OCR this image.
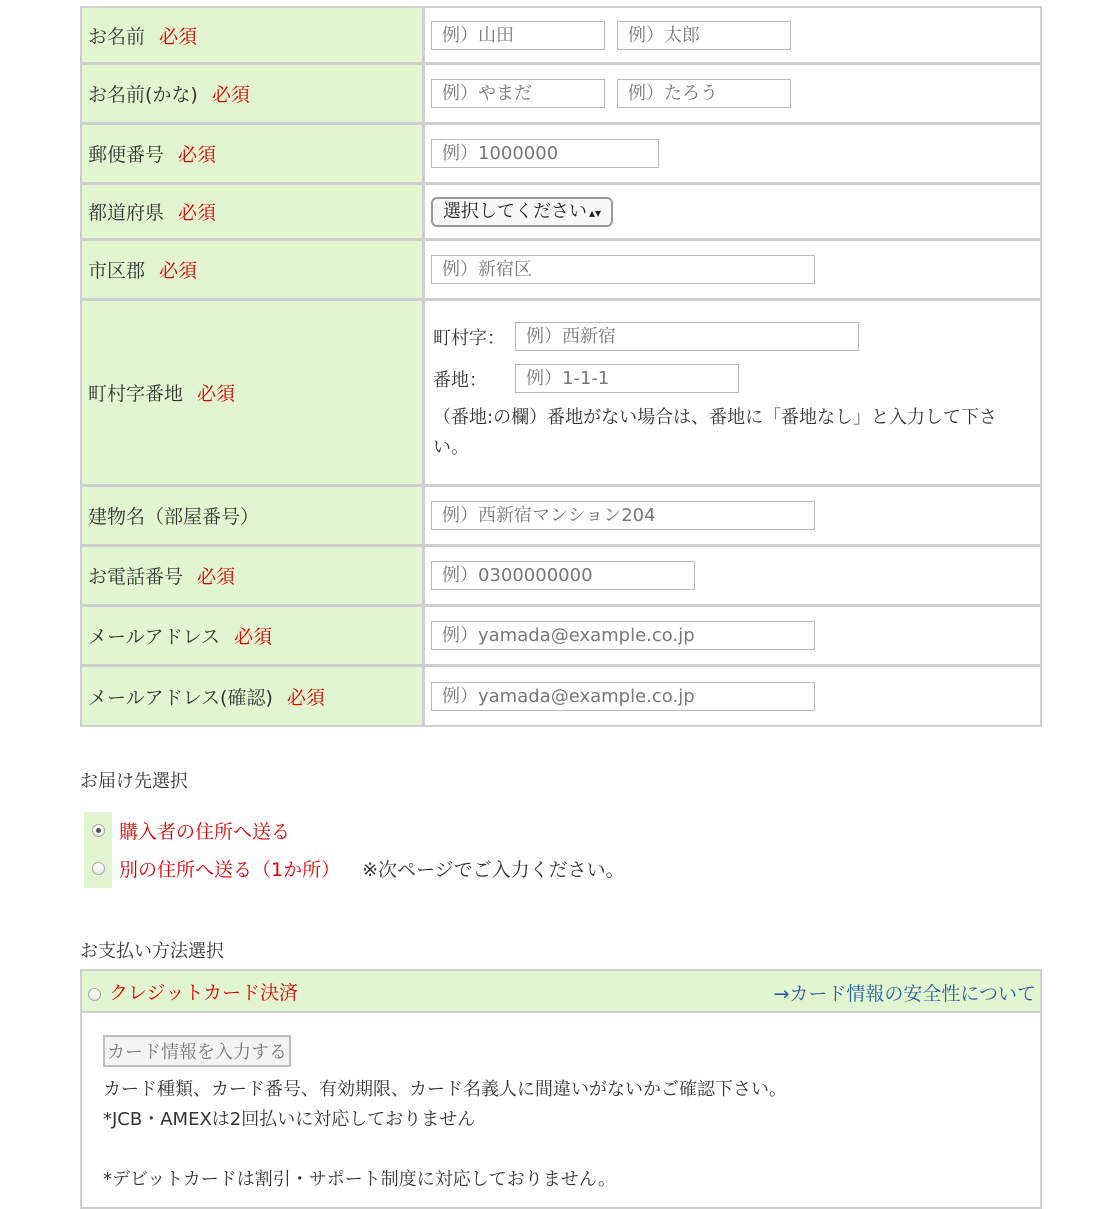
お名前 必須	例）山田 例）太郎
お名前(かな) 必須	例）やまだ 例）たろう
郵便番号 必須	例）1000000
都道府県 必須	選択してください ▴▾
市区郡 必須	例）新宿区
町村字番地 必須	町村字： 例）西新宿
番地： 例）1-1-1
（番地:の欄）番地がない場合は、番地に「番地なし」と入力して下さい。

建物名（部屋番号）	例）西新宿マンション204
お電話番号 必須	例）0300000000
メールアドレス 必須	例）yamada@example.co.jp
メールアドレス(確認) 必須	例）yamada@example.co.jp
お届け先選択
購入者の住所へ送る
別の住所へ送る（1か所） ※次ページでご入力ください。
お支払い方法選択
クレジットカード決済	→カード情報の安全性について
カード情報を入力する
カード種類、カード番号、有効期限、カード名義人に間違いがないかご確認下さい。
*JCB・AMEXは2回払いに対応しておりません
*デビットカードは割引・サポート制度に対応しておりません。
